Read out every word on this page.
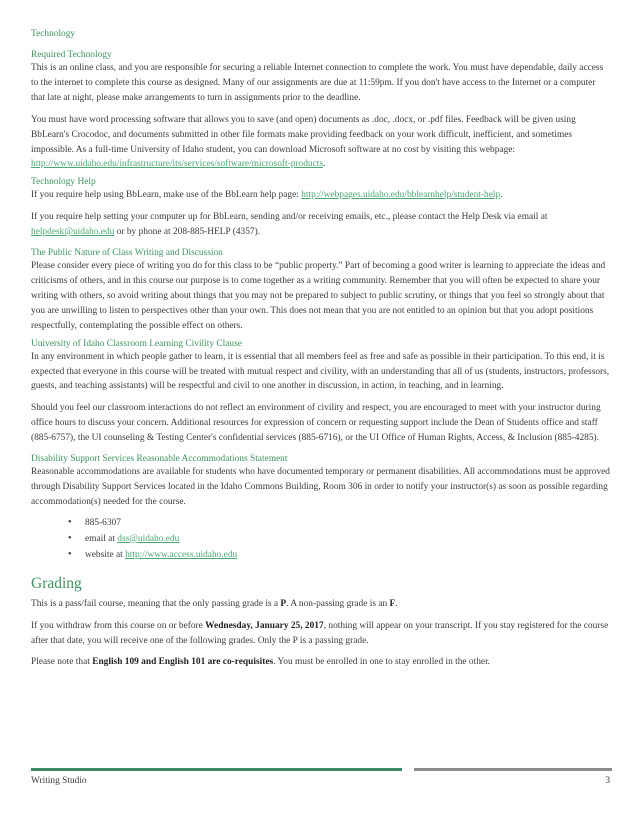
Technology

Required Technology

This is an online class, and you are responsible for securing a reliable Internet connection to complete the work. You must have dependable, daily access to the internet to complete this course as designed. Many of our assignments are due at 11:59pm. If you don't have access to the Internet or a computer that late at night, please make arrangements to turn in assignments prior to the deadline.

You must have word processing software that allows you to save (and open) documents as .doc, .docx, or .pdf files. Feedback will be given using BbLearn's Crocodoc, and documents submitted in other file formats make providing feedback on your work difficult, inefficient, and sometimes impossible. As a full-time University of Idaho student, you can download Microsoft software at no cost by visiting this webpage: http://www.uidaho.edu/infrastructure/its/services/software/microsoft-products.

Technology Help

If you require help using BbLearn, make use of the BbLearn help page: http://webpages.uidaho.edu/bblearnhelp/student-help.

If you require help setting your computer up for BbLearn, sending and/or receiving emails, etc., please contact the Help Desk via email at helpdesk@uidaho.edu or by phone at 208-885-HELP (4357).

The Public Nature of Class Writing and Discussion

Please consider every piece of writing you do for this class to be “public property.” Part of becoming a good writer is learning to appreciate the ideas and criticisms of others, and in this course our purpose is to come together as a writing community. Remember that you will often be expected to share your writing with others, so avoid writing about things that you may not be prepared to subject to public scrutiny, or things that you feel so strongly about that you are unwilling to listen to perspectives other than your own. This does not mean that you are not entitled to an opinion but that you adopt positions respectfully, contemplating the possible effect on others.

University of Idaho Classroom Learning Civility Clause

In any environment in which people gather to learn, it is essential that all members feel as free and safe as possible in their participation. To this end, it is expected that everyone in this course will be treated with mutual respect and civility, with an understanding that all of us (students, instructors, professors, guests, and teaching assistants) will be respectful and civil to one another in discussion, in action, in teaching, and in learning.

Should you feel our classroom interactions do not reflect an environment of civility and respect, you are encouraged to meet with your instructor during office hours to discuss your concern. Additional resources for expression of concern or requesting support include the Dean of Students office and staff (885-6757), the UI counseling & Testing Center's confidential services (885-6716), or the UI Office of Human Rights, Access, & Inclusion (885-4285).

Disability Support Services Reasonable Accommodations Statement

Reasonable accommodations are available for students who have documented temporary or permanent disabilities. All accommodations must be approved through Disability Support Services located in the Idaho Commons Building, Room 306 in order to notify your instructor(s) as soon as possible regarding accommodation(s) needed for the course.

• 885-6307
• email at dss@uidaho.edu
• website at http://www.access.uidaho.edu
Grading

This is a pass/fail course, meaning that the only passing grade is a P. A non-passing grade is an F.

If you withdraw from this course on or before Wednesday, January 25, 2017, nothing will appear on your transcript. If you stay registered for the course after that date, you will receive one of the following grades. Only the P is a passing grade.

Please note that English 109 and English 101 are co-requisites. You must be enrolled in one to stay enrolled in the other.

Writing Studio	3
